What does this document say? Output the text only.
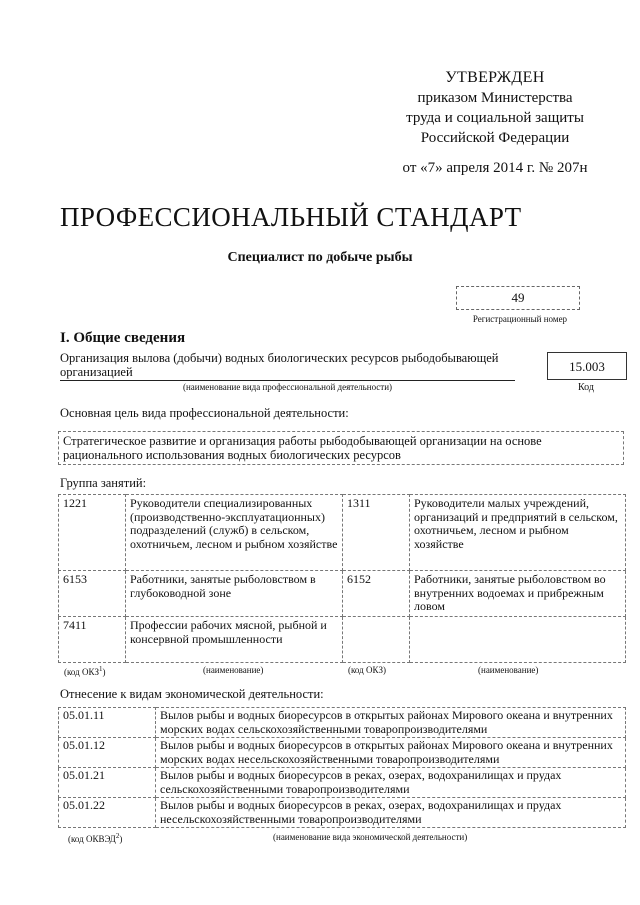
УТВЕРЖДЕН
приказом Министерства
труда и социальной защиты
Российской Федерации
от «7» апреля 2014 г. № 207н
ПРОФЕССИОНАЛЬНЫЙ СТАНДАРТ
Специалист по добыче рыбы
49
Регистрационный номер
I. Общие сведения
Организация вылова (добычи) водных биологических ресурсов рыбодобывающей организацией
(наименование вида профессиональной деятельности)
15.003
Код
Основная цель вида профессиональной деятельности:
Стратегическое развитие и организация работы рыбодобывающей организации на основе рационального использования водных биологических ресурсов
Группа занятий:
1221	Руководители специализированных (производственно-эксплуатационных) подразделений (служб) в сельском, охотничьем, лесном и рыбном хозяйстве	1311	Руководители малых учреждений, организаций и предприятий в сельском, охотничьем, лесном и рыбном хозяйстве
6153	Работники, занятые рыболовством в глубоководной зоне	6152	Работники, занятые рыболовством во внутренних водоемах и прибрежным ловом
7411	Профессии рабочих мясной, рыбной и консервной промышленности		
(код ОКЗ$^1$)	(наименование)	(код ОКЗ)	(наименование)
Отнесение к видам экономической деятельности:
05.01.11	Вылов рыбы и водных биоресурсов в открытых районах Мирового океана и внутренних морских водах сельскохозяйственными товаропроизводителями
05.01.12	Вылов рыбы и водных биоресурсов в открытых районах Мирового океана и внутренних морских водах несельскохозяйственными товаропроизводителями
05.01.21	Вылов рыбы и водных биоресурсов в реках, озерах, водохранилищах и прудах сельскохозяйственными товаропроизводителями
05.01.22	Вылов рыбы и водных биоресурсов в реках, озерах, водохранилищах и прудах несельскохозяйственными товаропроизводителями
(код ОКВЭД$^2$)	(наименование вида экономической деятельности)
